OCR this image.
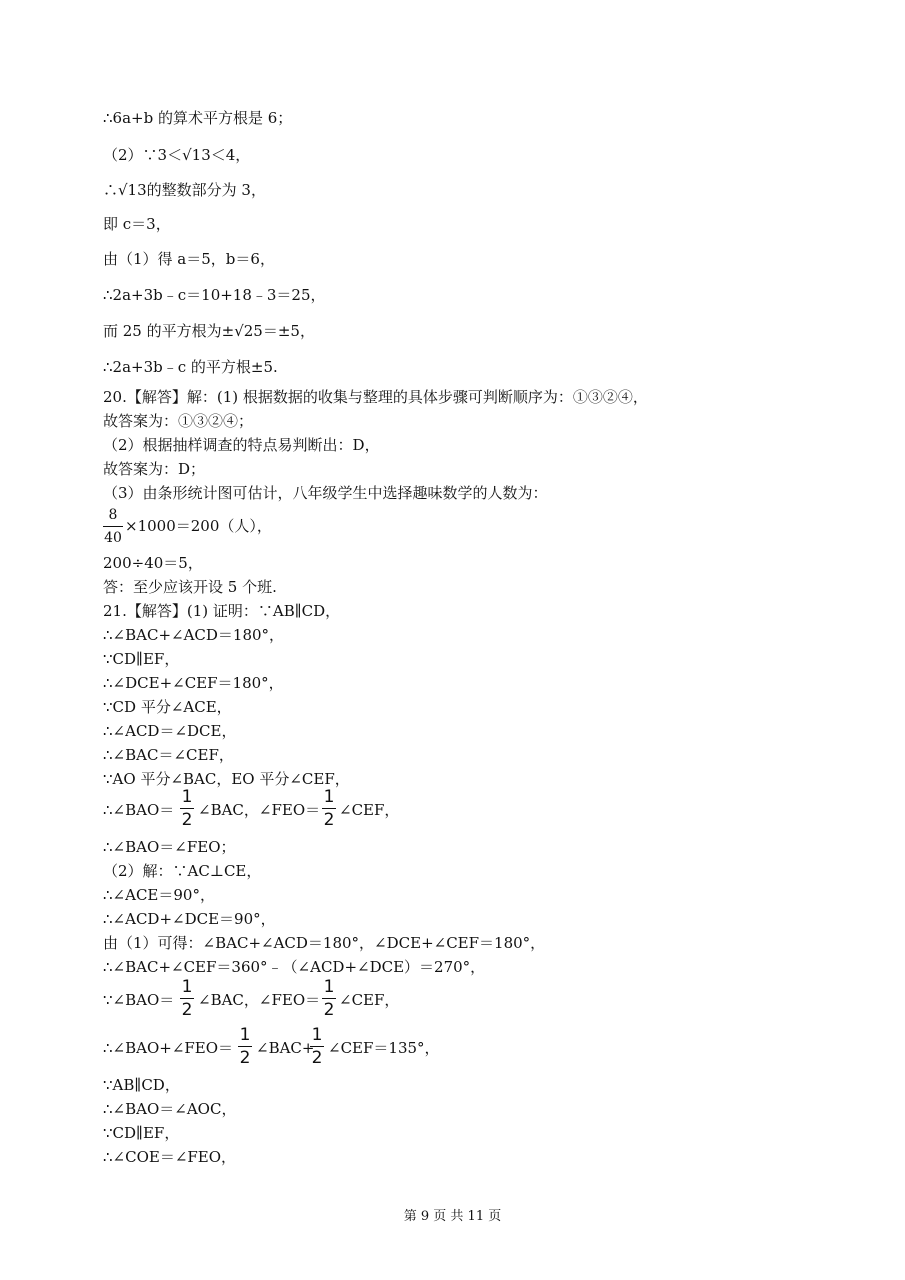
∴6a+b 的算术平方根是 6；
（2）∵3＜√13＜4，
∴√13的整数部分为 3，
即 c＝3，
由（1）得 a＝5，b＝6，
∴2a+3b﹣c＝10+18﹣3＝25，
而 25 的平方根为±√25＝±5，
∴2a+3b﹣c 的平方根±5.
20.【解答】解：(1) 根据数据的收集与整理的具体步骤可判断顺序为：①③②④，
故答案为：①③②④；
（2）根据抽样调查的特点易判断出：D，
故答案为：D；
（3）由条形统计图可估计，八年级学生中选择趣味数学的人数为：
8
40
×1000＝200（人），
200÷40＝5，
答：至少应该开设 5 个班.
21.【解答】(1) 证明：∵AB∥CD，
∴∠BAC+∠ACD＝180°，
∵CD∥EF，
∴∠DCE+∠CEF＝180°，
∵CD 平分∠ACE，
∴∠ACD＝∠DCE，
∴∠BAC＝∠CEF，
∵AO 平分∠BAC，EO 平分∠CEF，
∴∠BAO＝
1
2 ∠BAC，∠FEO＝
1
2 ∠CEF，
∴∠BAO＝∠FEO；
（2）解：∵AC⊥CE，
∴∠ACE＝90°，
∴∠ACD+∠DCE＝90°，
由（1）可得：∠BAC+∠ACD＝180°，∠DCE+∠CEF＝180°，
∴∠BAC+∠CEF＝360°﹣（∠ACD+∠DCE）＝270°，
∵∠BAO＝
1
2 ∠BAC，∠FEO＝
1
2 ∠CEF，
∴∠BAO+∠FEO＝
1
2 ∠BAC+
1
2 ∠CEF＝135°，
∵AB∥CD，
∴∠BAO＝∠AOC，
∵CD∥EF，
∴∠COE＝∠FEO，
第 9 页 共 11 页
